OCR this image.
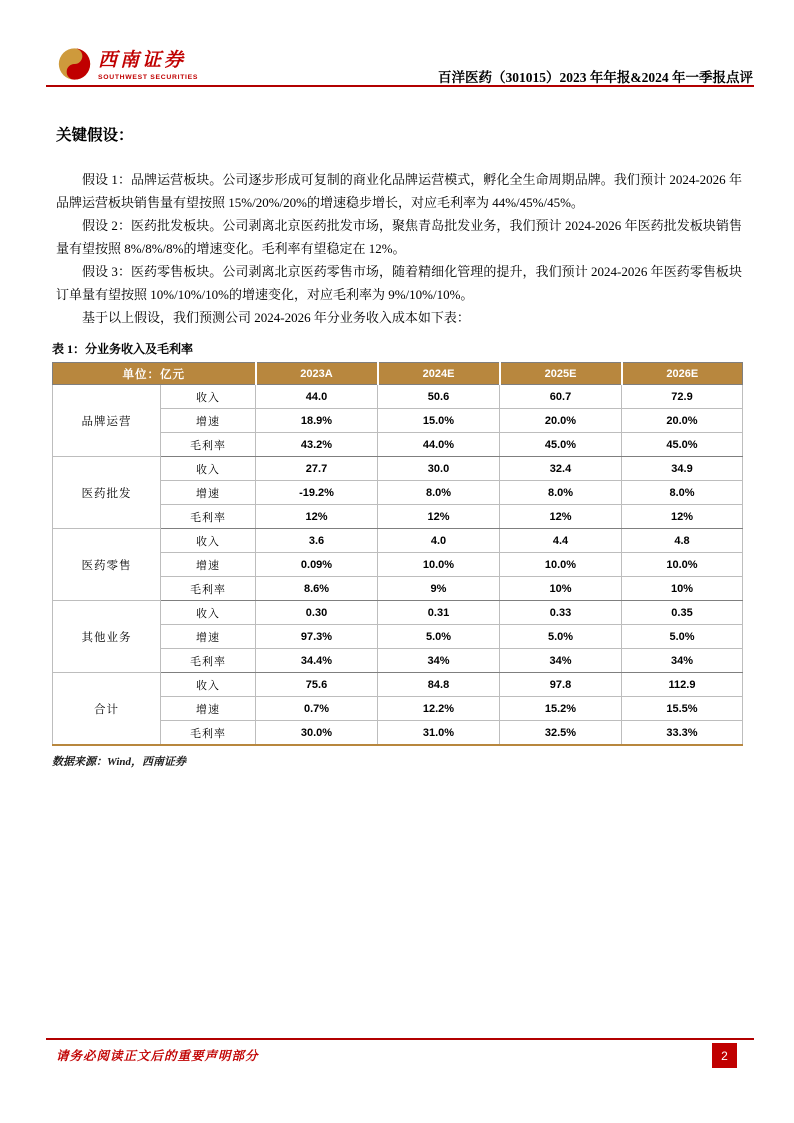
西南证券
SOUTHWEST SECURITIES	百洋医药（301015）2023 年年报&2024 年一季报点评
关键假设：

假设 1：品牌运营板块。公司逐步形成可复制的商业化品牌运营模式，孵化全生命周期品牌。我们预计 2024-2026 年品牌运营板块销售量有望按照 15%/20%/20%的增速稳步增长，对应毛利率为 44%/45%/45%。

假设 2：医药批发板块。公司剥离北京医药批发市场，聚焦青岛批发业务，我们预计 2024-2026 年医药批发板块销售量有望按照 8%/8%/8%的增速变化。毛利率有望稳定在 12%。

假设 3：医药零售板块。公司剥离北京医药零售市场，随着精细化管理的提升，我们预计 2024-2026 年医药零售板块订单量有望按照 10%/10%/10%的增速变化，对应毛利率为 9%/10%/10%。

基于以上假设，我们预测公司 2024-2026 年分业务收入成本如下表：

表 1：分业务收入及毛利率
单位：亿元		2023A	2024E	2025E	2026E
品牌运营	收入	44.0	50.6	60.7	72.9
	增速	18.9%	15.0%	20.0%	20.0%
	毛利率	43.2%	44.0%	45.0%	45.0%
医药批发	收入	27.7	30.0	32.4	34.9
	增速	-19.2%	8.0%	8.0%	8.0%
	毛利率	12%	12%	12%	12%
医药零售	收入	3.6	4.0	4.4	4.8
	增速	0.09%	10.0%	10.0%	10.0%
	毛利率	8.6%	9%	10%	10%
其他业务	收入	0.30	0.31	0.33	0.35
	增速	97.3%	5.0%	5.0%	5.0%
	毛利率	34.4%	34%	34%	34%
合计	收入	75.6	84.8	97.8	112.9
	增速	0.7%	12.2%	15.2%	15.5%
	毛利率	30.0%	31.0%	32.5%	33.3%
数据来源：Wind，西南证券
请务必阅读正文后的重要声明部分	2
